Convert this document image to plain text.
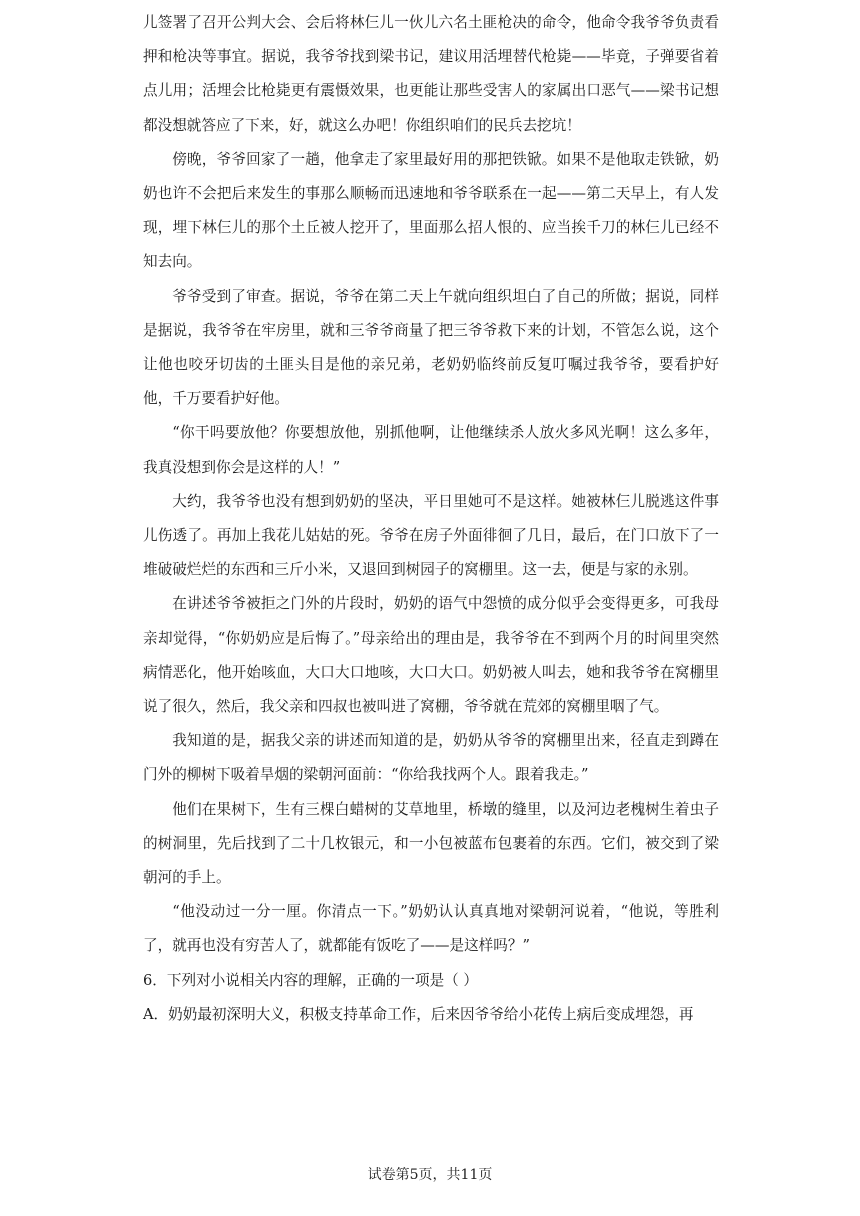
儿签署了召开公判大会、会后将林仨儿一伙儿六名土匪枪决的命令，他命令我爷爷负责看押和枪决等事宜。据说，我爷爷找到梁书记，建议用活埋替代枪毙——毕竟，子弹要省着点儿用；活埋会比枪毙更有震慑效果，也更能让那些受害人的家属出口恶气——梁书记想都没想就答应了下来，好，就这么办吧！你组织咱们的民兵去挖坑！

傍晚，爷爷回家了一趟，他拿走了家里最好用的那把铁锨。如果不是他取走铁锨，奶奶也许不会把后来发生的事那么顺畅而迅速地和爷爷联系在一起——第二天早上，有人发现，埋下林仨儿的那个土丘被人挖开了，里面那么招人恨的、应当挨千刀的林仨儿已经不知去向。

爷爷受到了审查。据说，爷爷在第二天上午就向组织坦白了自己的所做；据说，同样是据说，我爷爷在牢房里，就和三爷爷商量了把三爷爷救下来的计划，不管怎么说，这个让他也咬牙切齿的土匪头目是他的亲兄弟，老奶奶临终前反复叮嘱过我爷爷，要看护好他，千万要看护好他。

“你干吗要放他？你要想放他，别抓他啊，让他继续杀人放火多风光啊！这么多年，我真没想到你会是这样的人！”

大约，我爷爷也没有想到奶奶的坚决，平日里她可不是这样。她被林仨儿脱逃这件事儿伤透了。再加上我花儿姑姑的死。爷爷在房子外面徘徊了几日，最后，在门口放下了一堆破破烂烂的东西和三斤小米，又退回到树园子的窝棚里。这一去，便是与家的永别。

在讲述爷爷被拒之门外的片段时，奶奶的语气中怨愤的成分似乎会变得更多，可我母亲却觉得，“你奶奶应是后悔了。”母亲给出的理由是，我爷爷在不到两个月的时间里突然病情恶化，他开始咳血，大口大口地咳，大口大口。奶奶被人叫去，她和我爷爷在窝棚里说了很久，然后，我父亲和四叔也被叫进了窝棚，爷爷就在荒郊的窝棚里咽了气。

我知道的是，据我父亲的讲述而知道的是，奶奶从爷爷的窝棚里出来，径直走到蹲在门外的柳树下吸着旱烟的梁朝河面前：“你给我找两个人。跟着我走。”

他们在果树下，生有三棵白蜡树的艾草地里，桥墩的缝里，以及河边老槐树生着虫子的树洞里，先后找到了二十几枚银元，和一小包被蓝布包裹着的东西。它们，被交到了梁朝河的手上。

“他没动过一分一厘。你清点一下。”奶奶认认真真地对梁朝河说着，“他说，等胜利了，就再也没有穷苦人了，就都能有饭吃了——是这样吗？”

6．下列对小说相关内容的理解，正确的一项是（ ）

A．奶奶最初深明大义，积极支持革命工作，后来因爷爷给小花传上病后变成埋怨，再

试卷第5页，共11页
